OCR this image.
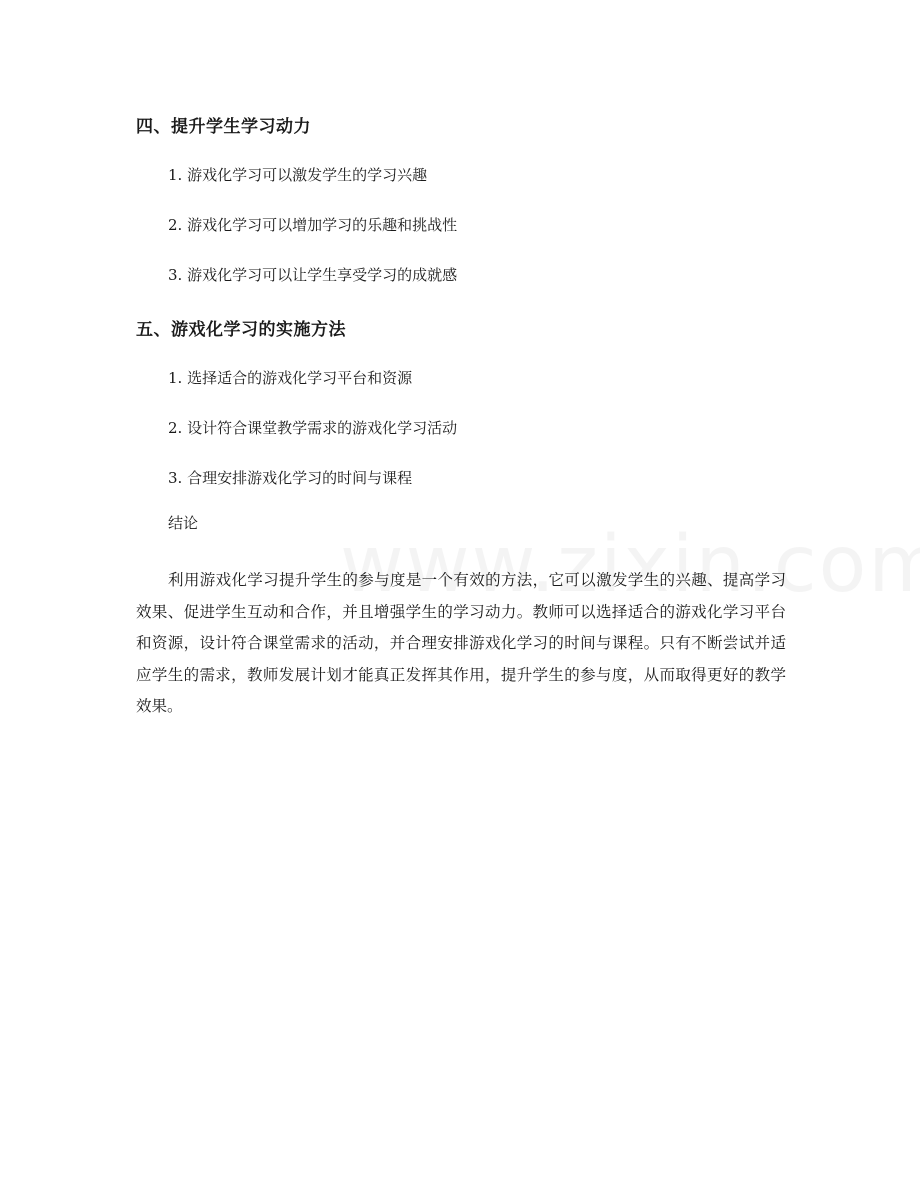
四、提升学生学习动力

1. 游戏化学习可以激发学生的学习兴趣

2. 游戏化学习可以增加学习的乐趣和挑战性

3. 游戏化学习可以让学生享受学习的成就感

五、游戏化学习的实施方法

1. 选择适合的游戏化学习平台和资源

2. 设计符合课堂教学需求的游戏化学习活动

3. 合理安排游戏化学习的时间与课程

结论

利用游戏化学习提升学生的参与度是一个有效的方法，它可以激发学生的兴趣、提高学习效果、促进学生互动和合作，并且增强学生的学习动力。教师可以选择适合的游戏化学习平台和资源，设计符合课堂需求的活动，并合理安排游戏化学习的时间与课程。只有不断尝试并适应学生的需求，教师发展计划才能真正发挥其作用，提升学生的参与度，从而取得更好的教学效果。
